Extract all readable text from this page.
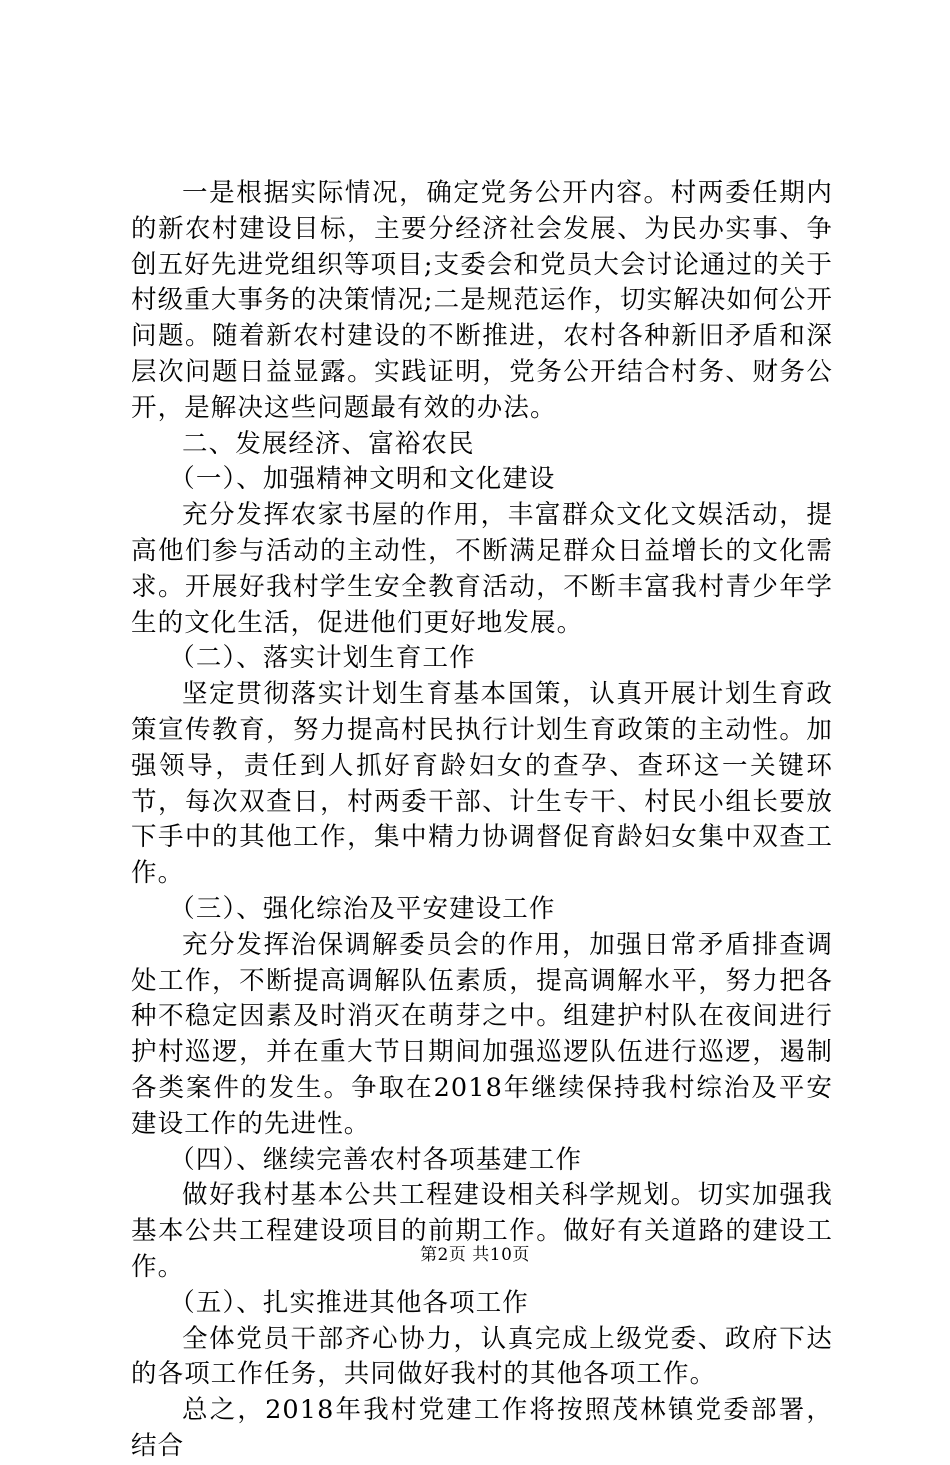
一是根据实际情况，确定党务公开内容。村两委任期内的新农村建设目标，主要分经济社会发展、为民办实事、争创五好先进党组织等项目;支委会和党员大会讨论通过的关于村级重大事务的决策情况;二是规范运作，切实解决如何公开问题。随着新农村建设的不断推进，农村各种新旧矛盾和深层次问题日益显露。实践证明，党务公开结合村务、财务公开，是解决这些问题最有效的办法。

二、发展经济、富裕农民

（一）、加强精神文明和文化建设

充分发挥农家书屋的作用，丰富群众文化文娱活动，提高他们参与活动的主动性，不断满足群众日益增长的文化需求。开展好我村学生安全教育活动，不断丰富我村青少年学生的文化生活，促进他们更好地发展。

（二）、落实计划生育工作

坚定贯彻落实计划生育基本国策，认真开展计划生育政策宣传教育，努力提高村民执行计划生育政策的主动性。加强领导，责任到人抓好育龄妇女的查孕、查环这一关键环节，每次双查日，村两委干部、计生专干、村民小组长要放下手中的其他工作，集中精力协调督促育龄妇女集中双查工作。

（三）、强化综治及平安建设工作

充分发挥治保调解委员会的作用，加强日常矛盾排查调处工作，不断提高调解队伍素质，提高调解水平，努力把各种不稳定因素及时消灭在萌芽之中。组建护村队在夜间进行护村巡逻，并在重大节日期间加强巡逻队伍进行巡逻，遏制各类案件的发生。争取在2018年继续保持我村综治及平安建设工作的先进性。

（四）、继续完善农村各项基建工作

做好我村基本公共工程建设相关科学规划。切实加强我基本公共工程建设项目的前期工作。做好有关道路的建设工作。

（五）、扎实推进其他各项工作

全体党员干部齐心协力，认真完成上级党委、政府下达的各项工作任务，共同做好我村的其他各项工作。

总之，2018年我村党建工作将按照茂林镇党委部署，结合

第2页 共10页
